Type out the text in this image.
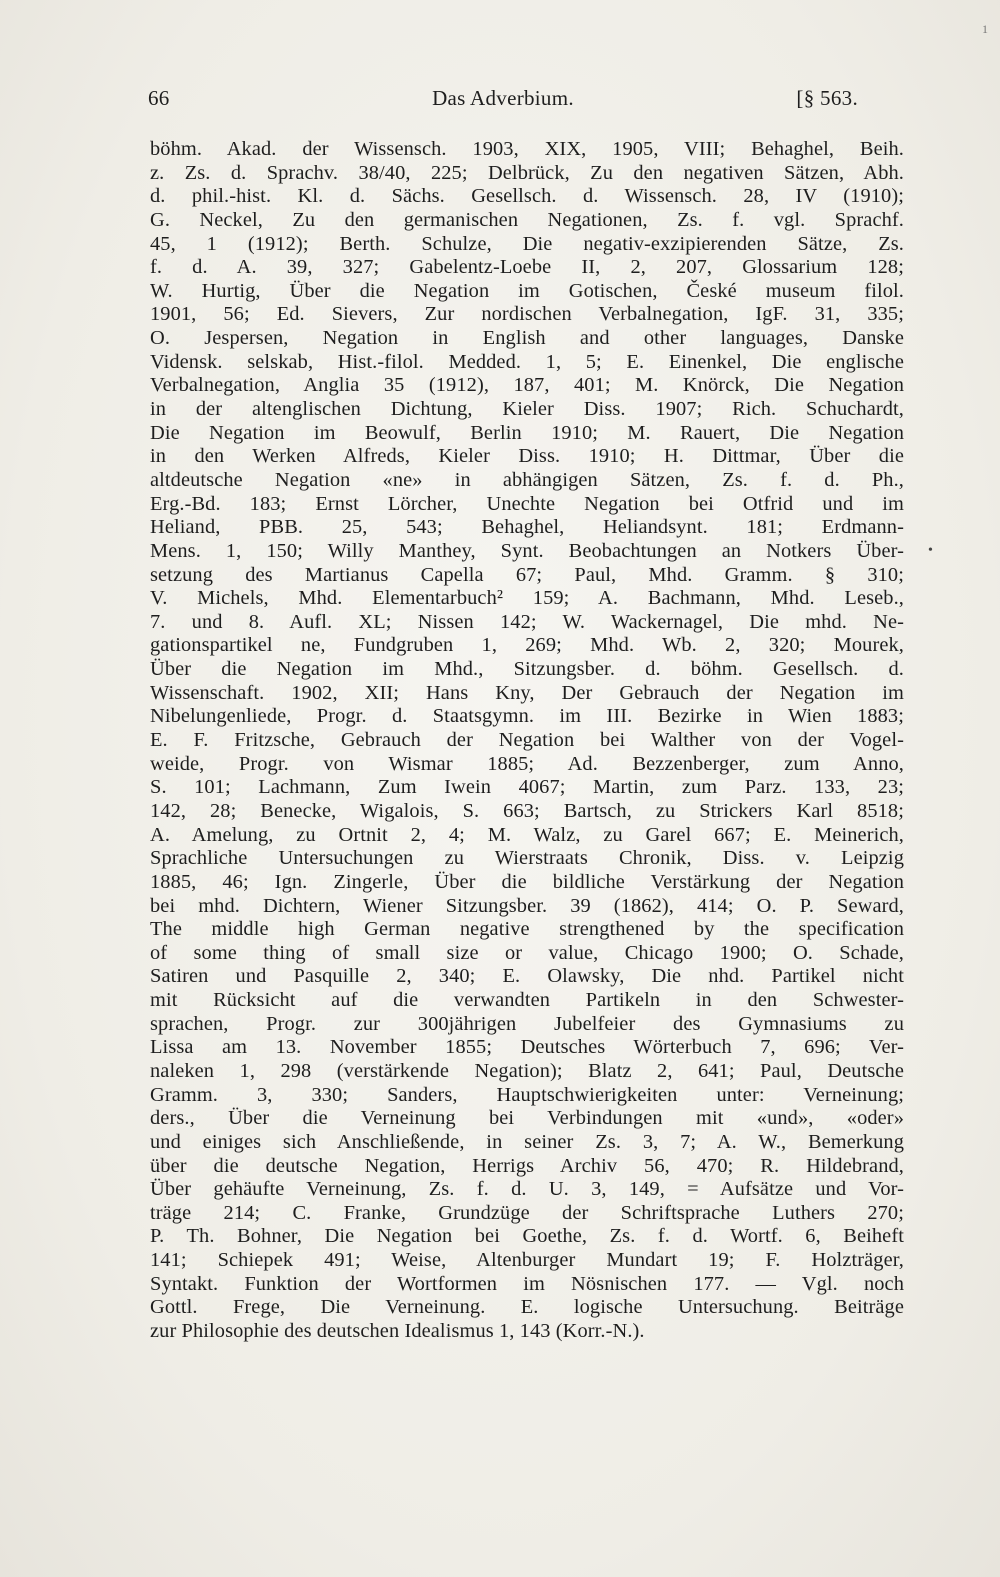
1
66	Das Adverbium.	[§ 563.
böhm. Akad. der Wissensch. 1903, XIX, 1905, VIII; Behaghel, Beih.
z. Zs. d. Sprachv. 38/40, 225; Delbrück, Zu den negativen Sätzen, Abh.
d. phil.-hist. Kl. d. Sächs. Gesellsch. d. Wissensch. 28, IV (1910);
G. Neckel, Zu den germanischen Negationen, Zs. f. vgl. Sprachf.
45, 1 (1912); Berth. Schulze, Die negativ-exzipierenden Sätze, Zs.
f. d. A. 39, 327; Gabelentz-Loebe II, 2, 207, Glossarium 128;
W. Hurtig, Über die Negation im Gotischen, České museum filol.
1901, 56; Ed. Sievers, Zur nordischen Verbalnegation, IgF. 31, 335;
O. Jespersen, Negation in English and other languages, Danske
Vidensk. selskab, Hist.-filol. Medded. 1, 5; E. Einenkel, Die englische
Verbalnegation, Anglia 35 (1912), 187, 401; M. Knörck, Die Negation
in der altenglischen Dichtung, Kieler Diss. 1907; Rich. Schuchardt,
Die Negation im Beowulf, Berlin 1910; M. Rauert, Die Negation
in den Werken Alfreds, Kieler Diss. 1910; H. Dittmar, Über die
altdeutsche Negation «ne» in abhängigen Sätzen, Zs. f. d. Ph.,
Erg.-Bd. 183; Ernst Lörcher, Unechte Negation bei Otfrid und im
Heliand, PBB. 25, 543; Behaghel, Heliandsynt. 181; Erdmann-
Mens. 1, 150; Willy Manthey, Synt. Beobachtungen an Notkers Über-
setzung des Martianus Capella 67; Paul, Mhd. Gramm. § 310;
V. Michels, Mhd. Elementarbuch² 159; A. Bachmann, Mhd. Leseb.,
7. und 8. Aufl. XL; Nissen 142; W. Wackernagel, Die mhd. Ne-
gationspartikel ne, Fundgruben 1, 269; Mhd. Wb. 2, 320; Mourek,
Über die Negation im Mhd., Sitzungsber. d. böhm. Gesellsch. d.
Wissenschaft. 1902, XII; Hans Kny, Der Gebrauch der Negation im
Nibelungenliede, Progr. d. Staatsgymn. im III. Bezirke in Wien 1883;
E. F. Fritzsche, Gebrauch der Negation bei Walther von der Vogel-
weide, Progr. von Wismar 1885; Ad. Bezzenberger, zum Anno,
S. 101; Lachmann, Zum Iwein 4067; Martin, zum Parz. 133, 23;
142, 28; Benecke, Wigalois, S. 663; Bartsch, zu Strickers Karl 8518;
A. Amelung, zu Ortnit 2, 4; M. Walz, zu Garel 667; E. Meinerich,
Sprachliche Untersuchungen zu Wierstraats Chronik, Diss. v. Leipzig
1885, 46; Ign. Zingerle, Über die bildliche Verstärkung der Negation
bei mhd. Dichtern, Wiener Sitzungsber. 39 (1862), 414; O. P. Seward,
The middle high German negative strengthened by the specification
of some thing of small size or value, Chicago 1900; O. Schade,
Satiren und Pasquille 2, 340; E. Olawsky, Die nhd. Partikel nicht
mit Rücksicht auf die verwandten Partikeln in den Schwester-
sprachen, Progr. zur 300jährigen Jubelfeier des Gymnasiums zu
Lissa am 13. November 1855; Deutsches Wörterbuch 7, 696; Ver-
naleken 1, 298 (verstärkende Negation); Blatz 2, 641; Paul, Deutsche
Gramm. 3, 330; Sanders, Hauptschwierigkeiten unter: Verneinung;
ders., Über die Verneinung bei Verbindungen mit «und», «oder»
und einiges sich Anschließende, in seiner Zs. 3, 7; A. W., Bemerkung
über die deutsche Negation, Herrigs Archiv 56, 470; R. Hildebrand,
Über gehäufte Verneinung, Zs. f. d. U. 3, 149, = Aufsätze und Vor-
träge 214; C. Franke, Grundzüge der Schriftsprache Luthers 270;
P. Th. Bohner, Die Negation bei Goethe, Zs. f. d. Wortf. 6, Beiheft
141; Schiepek 491; Weise, Altenburger Mundart 19; F. Holzträger,
Syntakt. Funktion der Wortformen im Nösnischen 177. — Vgl. noch
Gottl. Frege, Die Verneinung. E. logische Untersuchung. Beiträge
zur Philosophie des deutschen Idealismus 1, 143 (Korr.-N.).
•
